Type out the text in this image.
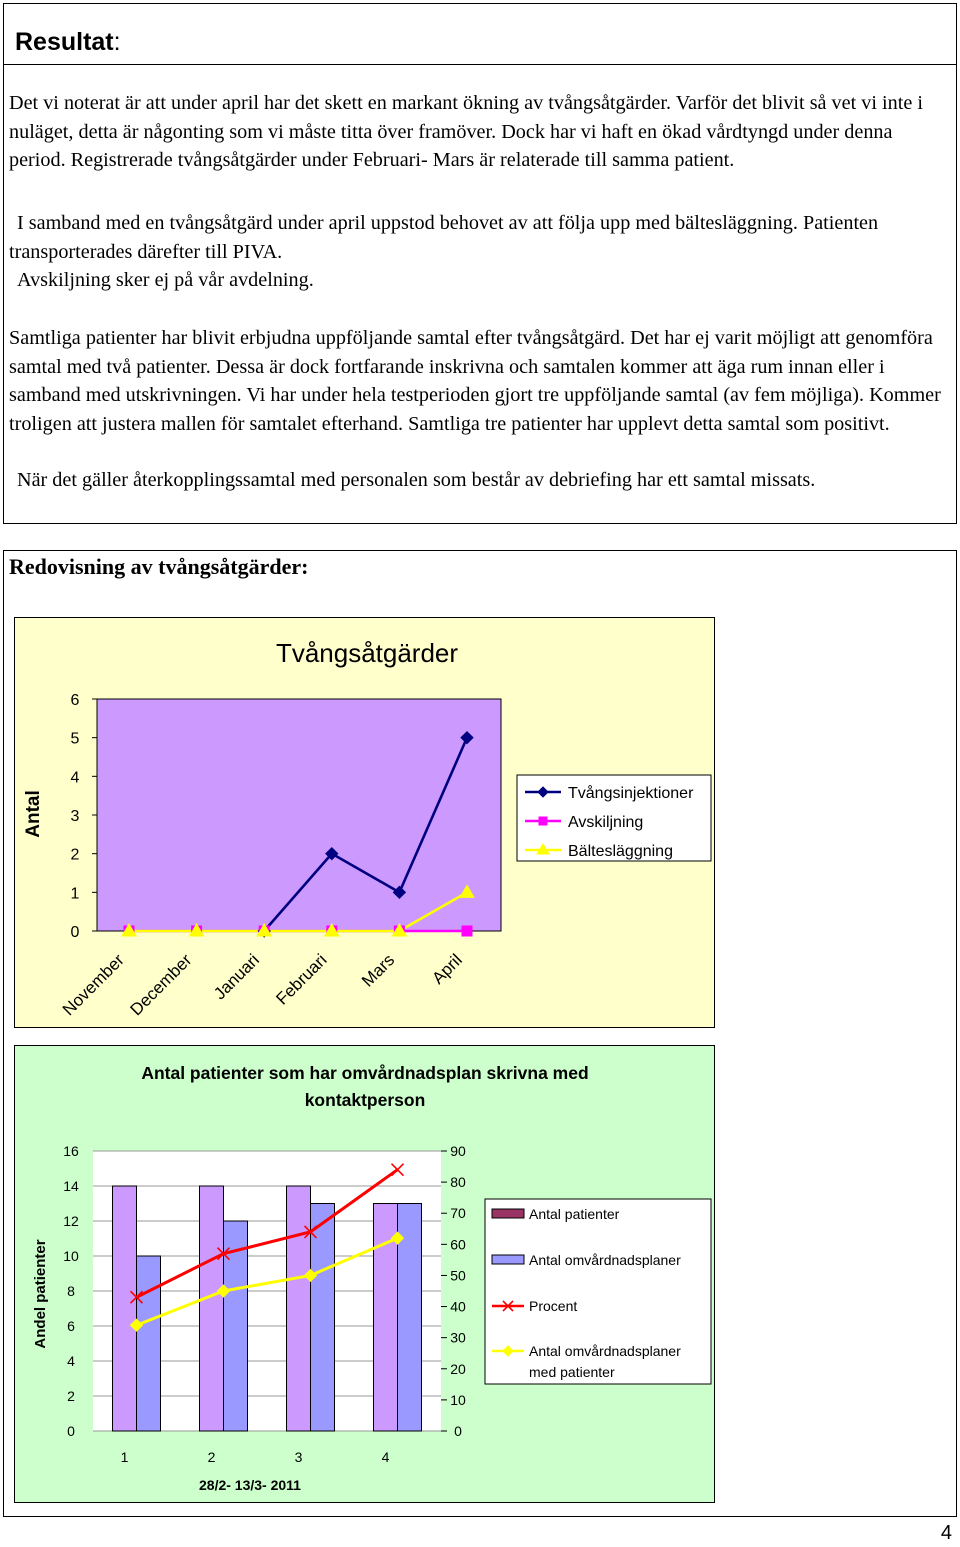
Resultat:

Det vi noterat är att under april har det skett en markant ökning av tvångsåtgärder. Varför det blivit så vet vi inte i nuläget, detta är någonting som vi måste titta över framöver. Dock har vi haft en ökad vårdtyngd under denna period. Registrerade tvångsåtgärder under Februari- Mars är relaterade till samma patient.

I samband med en tvångsåtgärd under april uppstod behovet av att följa upp med bältesläggning. Patienten transporterades därefter till PIVA.

Avskiljning sker ej på vår avdelning.

Samtliga patienter har blivit erbjudna uppföljande samtal efter tvångsåtgärd. Det har ej varit möjligt att genomföra samtal med två patienter. Dessa är dock fortfarande inskrivna och samtalen kommer att äga rum innan eller i samband med utskrivningen. Vi har under hela testperioden gjort tre uppföljande samtal (av fem möjliga). Kommer troligen att justera mallen för samtalet efterhand. Samtliga tre patienter har upplevt detta samtal som positivt.

När det gäller återkopplingssamtal med personalen som består av debriefing har ett samtal missats.

Redovisning av tvångsåtgärder:
Tvångsåtgärder
Antal
0
1
2
3
4
5
6
November
December Januari Februari Mars April
Tvångsinjektioner
Avskiljning
Bältesläggning
Antal patienter som har omvårdnadsplan skrivna med
kontaktperson
Andel patienter
0
2
4
6
8
10
12
14
16
0
10
20
30
40
50
60
70
80
90
1	2	3	4
28/2- 13/3- 2011
Antal patienter
Antal omvårdnadsplaner
Procent
Antal omvårdnadsplaner
med patienter
4
